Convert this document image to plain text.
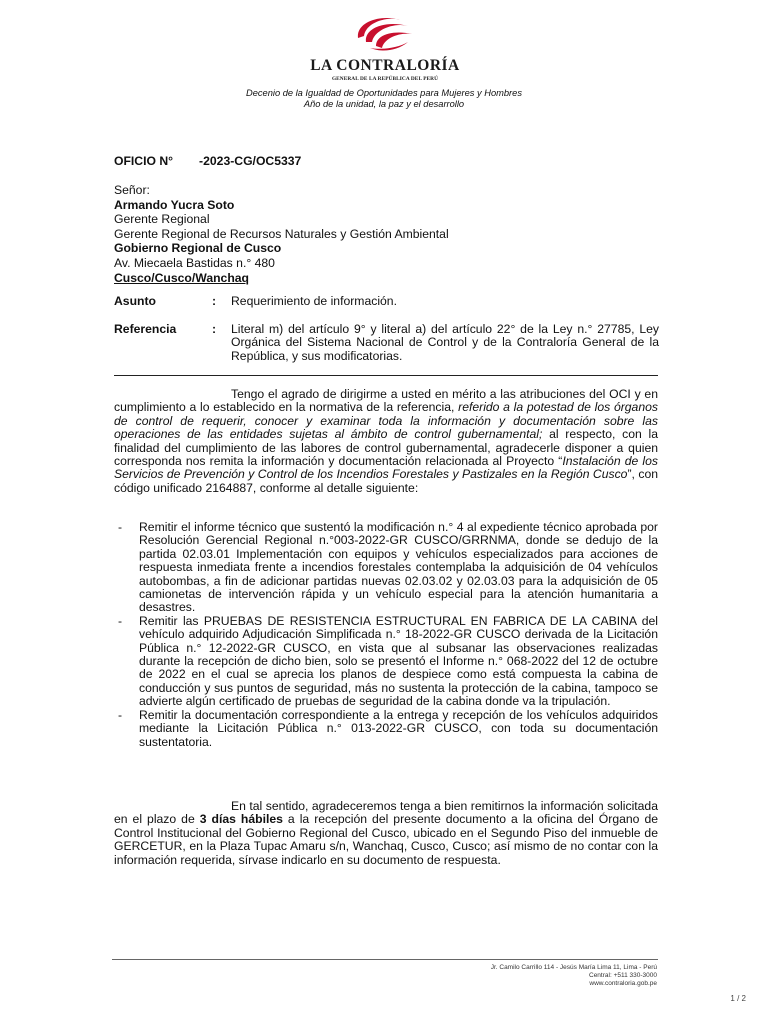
LA CONTRALORÍA
GENERAL DE LA REPÚBLICA DEL PERÚ
Decenio de la Igualdad de Oportunidades para Mujeres y Hombres
Año de la unidad, la paz y el desarrollo
OFICIO N° -2023-CG/OC5337
Señor:
Armando Yucra Soto
Gerente Regional
Gerente Regional de Recursos Naturales y Gestión Ambiental
Gobierno Regional de Cusco
Av. Miecaela Bastidas n.° 480
Cusco/Cusco/Wanchaq
Asunto	: Requerimiento de información.
Referencia	: Literal m) del artículo 9° y literal a) del artículo 22° de la Ley n.° 27785, Ley Orgánica del Sistema Nacional de Control y de la Contraloría General de la República, y sus modificatorias.

Tengo el agrado de dirigirme a usted en mérito a las atribuciones del OCI y en cumplimiento a lo establecido en la normativa de la referencia, referido a la potestad de los órganos de control de requerir, conocer y examinar toda la información y documentación sobre las operaciones de las entidades sujetas al ámbito de control gubernamental; al respecto, con la finalidad del cumplimiento de las labores de control gubernamental, agradecerle disponer a quien corresponda nos remita la información y documentación relacionada al Proyecto “Instalación de los Servicios de Prevención y Control de los Incendios Forestales y Pastizales en la Región Cusco”, con código unificado 2164887, conforme al detalle siguiente:

- Remitir el informe técnico que sustentó la modificación n.° 4 al expediente técnico aprobada por Resolución Gerencial Regional n.°003-2022-GR CUSCO/GRRNMA, donde se dedujo de la partida 02.03.01 Implementación con equipos y vehículos especializados para acciones de respuesta inmediata frente a incendios forestales contemplaba la adquisición de 04 vehículos autobombas, a fin de adicionar partidas nuevas 02.03.02 y 02.03.03 para la adquisición de 05 camionetas de intervención rápida y un vehículo especial para la atención humanitaria a desastres.
- Remitir las PRUEBAS DE RESISTENCIA ESTRUCTURAL EN FABRICA DE LA CABINA del vehículo adquirido Adjudicación Simplificada n.° 18-2022-GR CUSCO derivada de la Licitación Pública n.° 12-2022-GR CUSCO, en vista que al subsanar las observaciones realizadas durante la recepción de dicho bien, solo se presentó el Informe n.° 068-2022 del 12 de octubre de 2022 en el cual se aprecia los planos de despiece como está compuesta la cabina de conducción y sus puntos de seguridad, más no sustenta la protección de la cabina, tampoco se advierte algún certificado de pruebas de seguridad de la cabina donde va la tripulación.
- Remitir la documentación correspondiente a la entrega y recepción de los vehículos adquiridos mediante la Licitación Pública n.° 013-2022-GR CUSCO, con toda su documentación sustentatoria.

En tal sentido, agradeceremos tenga a bien remitirnos la información solicitada en el plazo de 3 días hábiles a la recepción del presente documento a la oficina del Órgano de Control Institucional del Gobierno Regional del Cusco, ubicado en el Segundo Piso del inmueble de GERCETUR, en la Plaza Tupac Amaru s/n, Wanchaq, Cusco, Cusco; así mismo de no contar con la información requerida, sírvase indicarlo en su documento de respuesta.

Jr. Camilo Carrillo 114 - Jesús María Lima 11, Lima - Perú
Central: +511 330-3000
www.contraloria.gob.pe
1 / 2
